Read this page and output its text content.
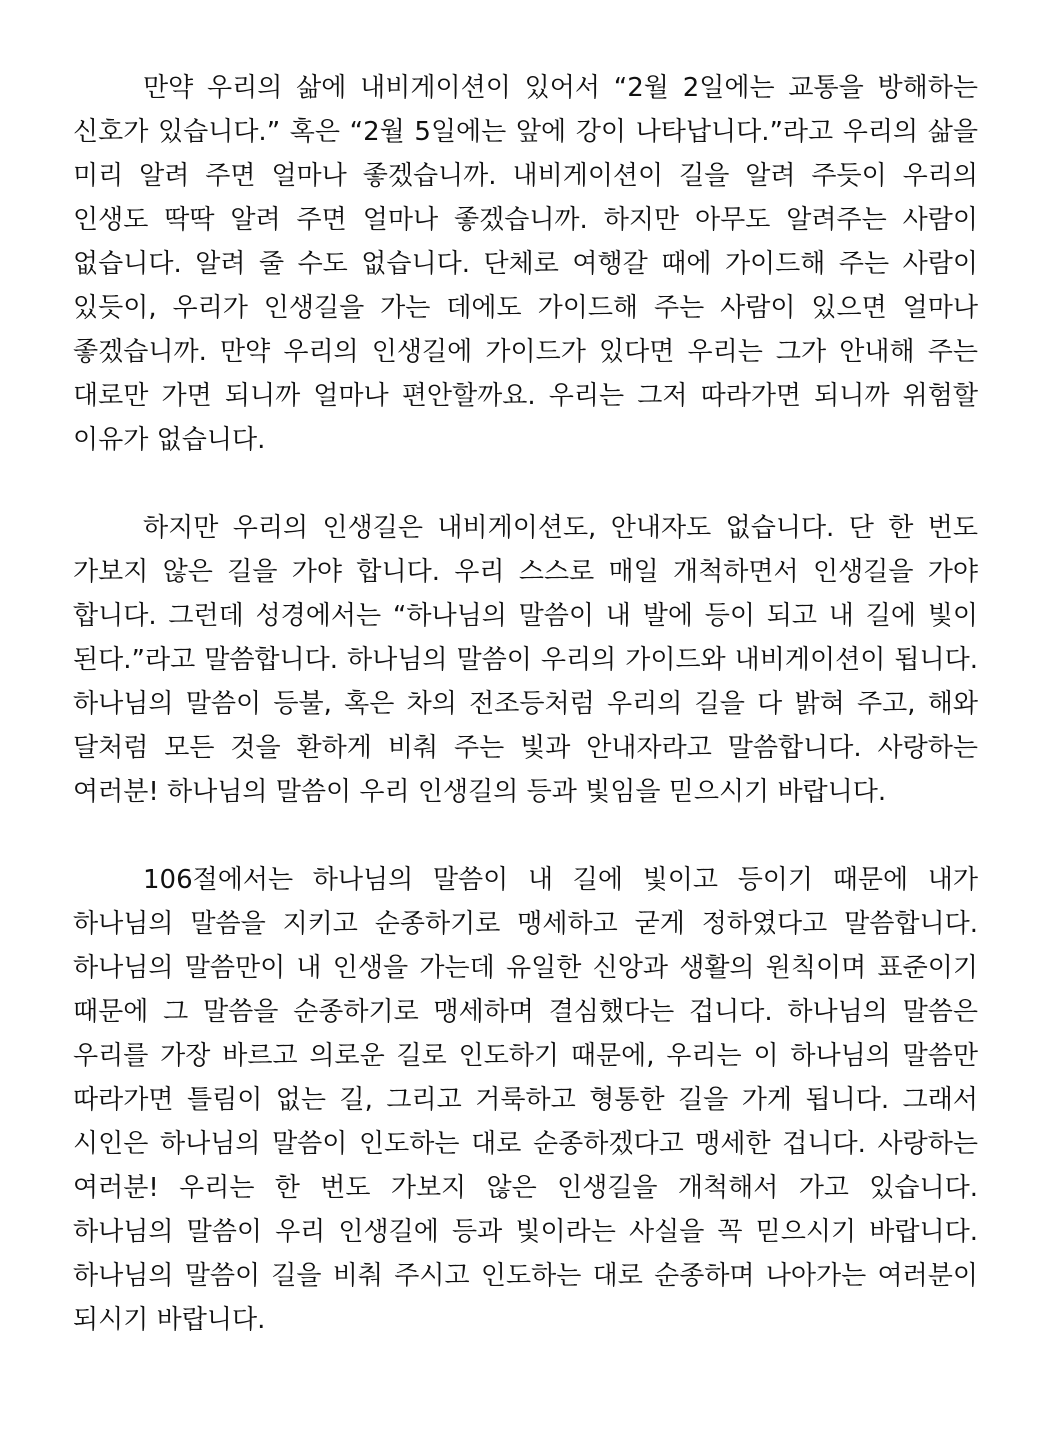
만약 우리의 삶에 내비게이션이 있어서 “2월 2일에는 교통을 방해하는 신호가 있습니다.” 혹은 “2월 5일에는 앞에 강이 나타납니다.”라고 우리의 삶을 미리 알려 주면 얼마나 좋겠습니까. 내비게이션이 길을 알려 주듯이 우리의 인생도 딱딱 알려 주면 얼마나 좋겠습니까. 하지만 아무도 알려주는 사람이 없습니다. 알려 줄 수도 없습니다. 단체로 여행갈 때에 가이드해 주는 사람이 있듯이, 우리가 인생길을 가는 데에도 가이드해 주는 사람이 있으면 얼마나 좋겠습니까. 만약 우리의 인생길에 가이드가 있다면 우리는 그가 안내해 주는 대로만 가면 되니까 얼마나 편안할까요. 우리는 그저 따라가면 되니까 위험할 이유가 없습니다.

하지만 우리의 인생길은 내비게이션도, 안내자도 없습니다. 단 한 번도 가보지 않은 길을 가야 합니다. 우리 스스로 매일 개척하면서 인생길을 가야 합니다. 그런데 성경에서는 “하나님의 말씀이 내 발에 등이 되고 내 길에 빛이 된다.”라고 말씀합니다. 하나님의 말씀이 우리의 가이드와 내비게이션이 됩니다. 하나님의 말씀이 등불, 혹은 차의 전조등처럼 우리의 길을 다 밝혀 주고, 해와 달처럼 모든 것을 환하게 비춰 주는 빛과 안내자라고 말씀합니다. 사랑하는 여러분! 하나님의 말씀이 우리 인생길의 등과 빛임을 믿으시기 바랍니다.

106절에서는 하나님의 말씀이 내 길에 빛이고 등이기 때문에 내가 하나님의 말씀을 지키고 순종하기로 맹세하고 굳게 정하였다고 말씀합니다. 하나님의 말씀만이 내 인생을 가는데 유일한 신앙과 생활의 원칙이며 표준이기 때문에 그 말씀을 순종하기로 맹세하며 결심했다는 겁니다. 하나님의 말씀은 우리를 가장 바르고 의로운 길로 인도하기 때문에, 우리는 이 하나님의 말씀만 따라가면 틀림이 없는 길, 그리고 거룩하고 형통한 길을 가게 됩니다. 그래서 시인은 하나님의 말씀이 인도하는 대로 순종하겠다고 맹세한 겁니다. 사랑하는 여러분! 우리는 한 번도 가보지 않은 인생길을 개척해서 가고 있습니다. 하나님의 말씀이 우리 인생길에 등과 빛이라는 사실을 꼭 믿으시기 바랍니다. 하나님의 말씀이 길을 비춰 주시고 인도하는 대로 순종하며 나아가는 여러분이 되시기 바랍니다.
